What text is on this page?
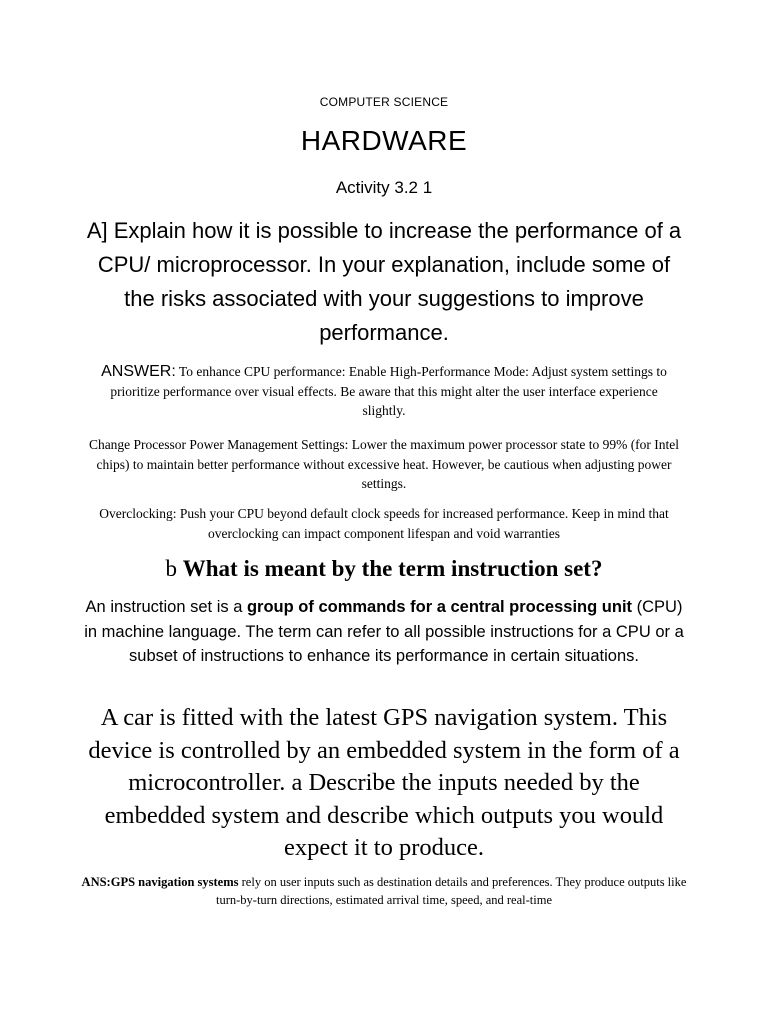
COMPUTER SCIENCE
HARDWARE
Activity 3.2 1
A] Explain how it is possible to increase the performance of a CPU/ microprocessor. In your explanation, include some of the risks associated with your suggestions to improve performance.
ANSWER: To enhance CPU performance: Enable High-Performance Mode: Adjust system settings to prioritize performance over visual effects. Be aware that this might alter the user interface experience slightly.
Change Processor Power Management Settings: Lower the maximum power processor state to 99% (for Intel chips) to maintain better performance without excessive heat. However, be cautious when adjusting power settings.
Overclocking: Push your CPU beyond default clock speeds for increased performance. Keep in mind that overclocking can impact component lifespan and void warranties
b What is meant by the term instruction set?
An instruction set is a group of commands for a central processing unit (CPU) in machine language. The term can refer to all possible instructions for a CPU or a subset of instructions to enhance its performance in certain situations.
A car is fitted with the latest GPS navigation system. This device is controlled by an embedded system in the form of a microcontroller. a Describe the inputs needed by the embedded system and describe which outputs you would expect it to produce.
ANS:GPS navigation systems rely on user inputs such as destination details and preferences. They produce outputs like turn-by-turn directions, estimated arrival time, speed, and real-time
